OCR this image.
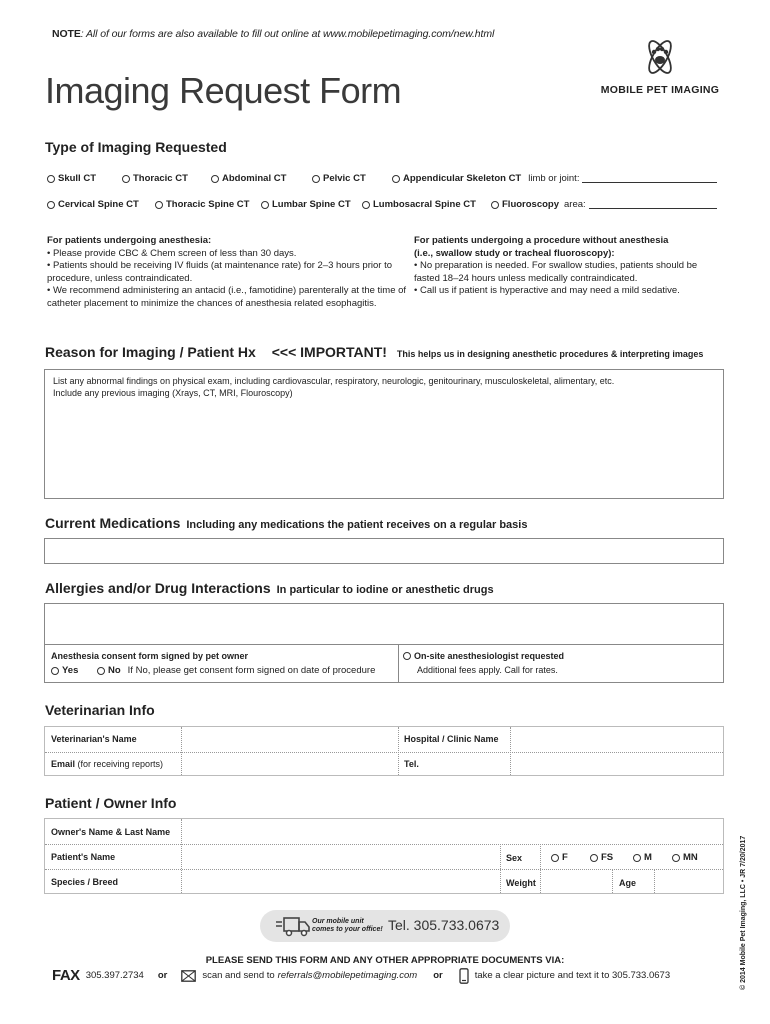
NOTE: All of our forms are also available to fill out online at www.mobilepetimaging.com/new.html
Imaging Request Form	MOBILE PET IMAGING
Type of Imaging Requested
Skull CT	Thoracic CT	Abdominal CT	Pelvic CT	Appendicular Skeleton CT limb or joint:
Cervical Spine CT	Thoracic Spine CT Lumbar Spine CT Lumbosacral Spine CT	Fluoroscopy area:
For patients undergoing anesthesia:
• Please provide CBC & Chem screen of less than 30 days.
• Patients should be receiving IV fluids (at maintenance rate) for 2–3 hours prior to procedure, unless contraindicated.
• We recommend administering an antacid (i.e., famotidine) parenterally at the time of catheter placement to minimize the chances of anesthesia related esophagitis.
For patients undergoing a procedure without anesthesia
(i.e., swallow study or tracheal fluoroscopy):
• No preparation is needed. For swallow studies, patients should be fasted 18–24 hours unless medically contraindicated.
• Call us if patient is hyperactive and may need a mild sedative.
Reason for Imaging / Patient Hx <<< IMPORTANT! This helps us in designing anesthetic procedures & interpreting images
List any abnormal findings on physical exam, including cardiovascular, respiratory, neurologic, genitourinary, musculoskeletal, alimentary, etc.
Include any previous imaging (Xrays, CT, MRI, Flouroscopy)
Current Medications Including any medications the patient receives on a regular basis
Allergies and/or Drug Interactions In particular to iodine or anesthetic drugs
Anesthesia consent form signed by pet owner
Yes	No If No, please get consent form signed on date of procedure
On-site anesthesiologist requested
Additional fees apply. Call for rates.
Veterinarian Info
Veterinarian's Name	Hospital / Clinic Name
Email (for receiving reports)	Tel.
Patient / Owner Info
Owner's Name & Last Name
Patient's Name	Sex	F	FS	M	MN
Species / Breed	Weight	Age
Our mobile unit
comes to your office! Tel. 305.733.0673
PLEASE SEND THIS FORM AND ANY OTHER APPROPRIATE DOCUMENTS VIA:
FAX 305.397.2734 or	scan and send to referrals@mobilepetimaging.com or	take a clear picture and text it to 305.733.0673	© 2014 Mobile Pet Imaging, LLC • JR 7/20/2017
